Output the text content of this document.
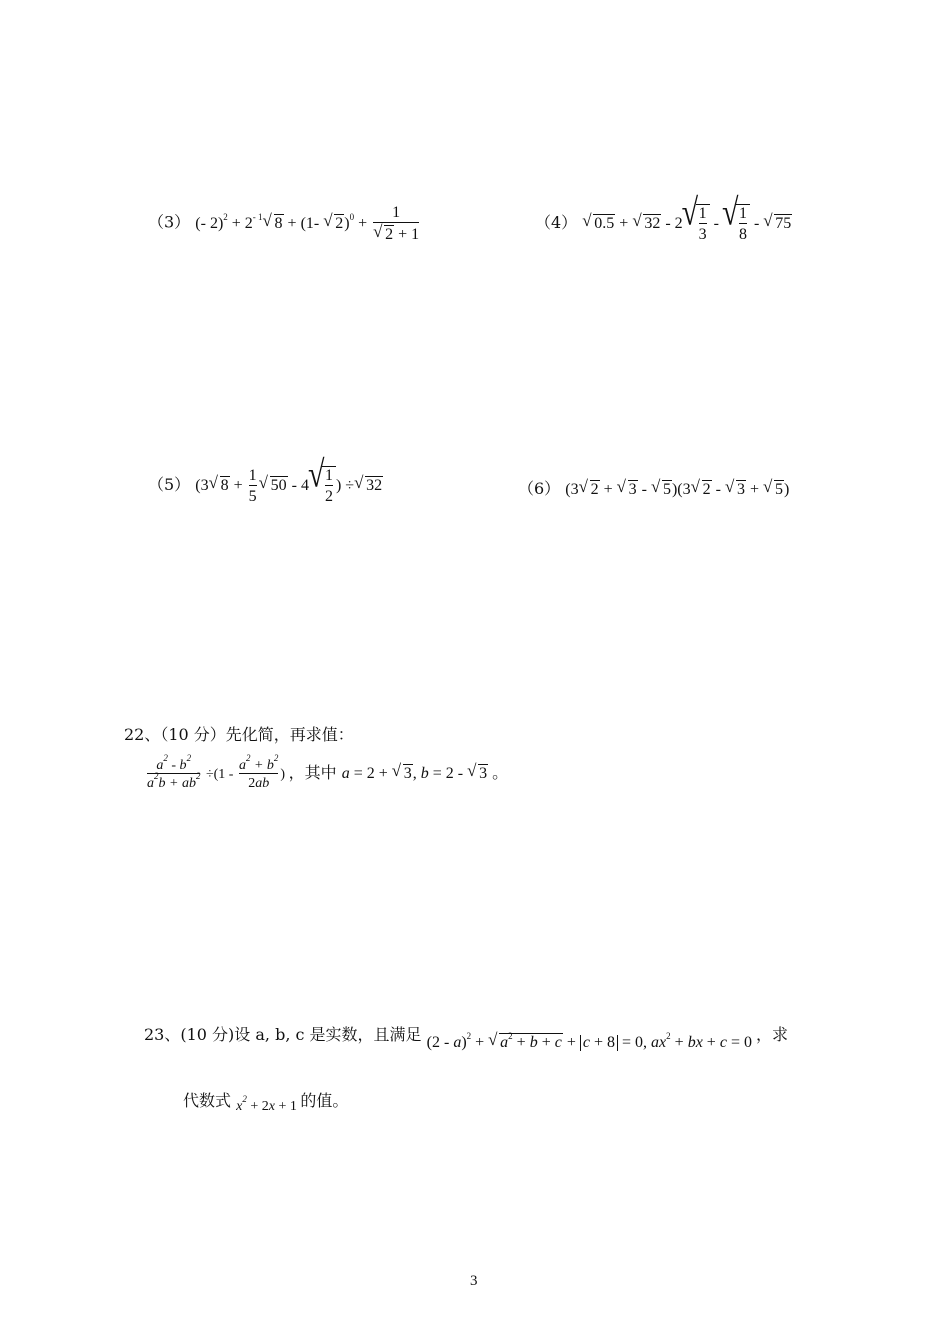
（3） (- $2)^2 + 2^{- 1}√$ 8 + (1- √ 2)$^0$ + 1
√ 2 + 1	（4） √ 0.5 + √ 32 - 2
√ $\frac{1}{3}$ -
√ $\frac{1}{8}$ - √ 75
（5） (3√ $8 + \frac{1}{5}$
√ 50 - 4
√ $\frac{1}{2}$ ) ÷√ 32	（6） (3√ 2 + √ 3 - √ 5)(3√ 2 - √ 3 + √ 5)
22、（10 分）先化简，再求值：
$\frac{a^2 - b^2}{a^2b + ab^2} \div(1 - \frac{a^2 + b^2}{2ab}$ ) ，其中 a = 2 + √ 3, b = 2 - √ 3 。
23、(10 分)设 a, b, c 是实数，且满足 (2 - a)$^2$ + √ $a^2 + b + c + c + 8 = 0$, $ax^2$ + bx + c = 0 ，求
代数式 $x^2 + 2x + 1$ 的值。
3
